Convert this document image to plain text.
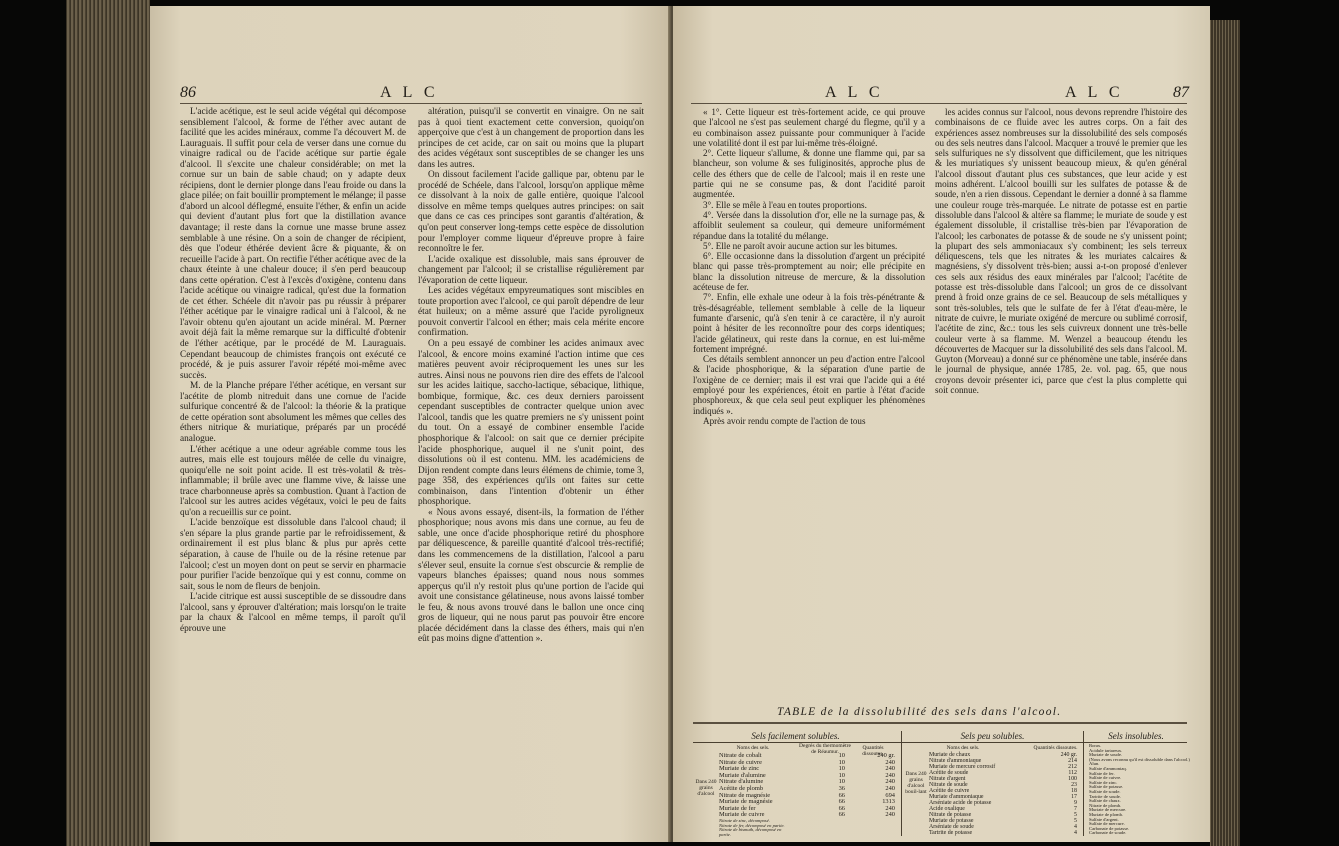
86	A L C

L'acide acétique, est le seul acide végétal qui décompose sensiblement l'alcool, & forme de l'éther avec autant de facilité que les acides minéraux, comme l'a découvert M. de Lauraguais. Il suffit pour cela de verser dans une cornue du vinaigre radical ou de l'acide acétique sur partie égale d'alcool. Il s'excite une chaleur considérable; on met la cornue sur un bain de sable chaud; on y adapte deux récipiens, dont le dernier plonge dans l'eau froide ou dans la glace pilée; on fait bouillir promptement le mélange; il passe d'abord un alcool déflegmé, ensuite l'éther, & enfin un acide qui devient d'autant plus fort que la distillation avance davantage; il reste dans la cornue une masse brune assez semblable à une résine. On a soin de changer de récipient, dès que l'odeur éthérée devient âcre & piquante, & on recueille l'acide à part. On rectifie l'éther acétique avec de la chaux éteinte à une chaleur douce; il s'en perd beaucoup dans cette opération. C'est à l'excès d'oxigène, contenu dans l'acide acétique ou vinaigre radical, qu'est due la formation de cet éther. Schéele dit n'avoir pas pu réussir à préparer l'éther acétique par le vinaigre radical uni à l'alcool, & ne l'avoir obtenu qu'en ajoutant un acide minéral. M. Pœrner avoit déjà fait la même remarque sur la difficulté d'obtenir de l'éther acétique, par le procédé de M. Lauraguais. Cependant beaucoup de chimistes françois ont exécuté ce procédé, & je puis assurer l'avoir répété moi-même avec succès.

M. de la Planche prépare l'éther acétique, en versant sur l'acétite de plomb nitreduit dans une cornue de l'acide sulfurique concentré & de l'alcool: la théorie & la pratique de cette opération sont absolument les mêmes que celles des éthers nitrique & muriatique, préparés par un procédé analogue.

L'éther acétique a une odeur agréable comme tous les autres, mais elle est toujours mêlée de celle du vinaigre, quoiqu'elle ne soit point acide. Il est très-volatil & très-inflammable; il brûle avec une flamme vive, & laisse une trace charbonneuse après sa combustion. Quant à l'action de l'alcool sur les autres acides végétaux, voici le peu de faits qu'on a recueillis sur ce point.

L'acide benzoïque est dissoluble dans l'alcool chaud; il s'en sépare la plus grande partie par le refroidissement, & ordinairement il est plus blanc & plus pur après cette séparation, à cause de l'huile ou de la résine retenue par l'alcool; c'est un moyen dont on peut se servir en pharmacie pour purifier l'acide benzoïque qui y est connu, comme on sait, sous le nom de fleurs de benjoin.

L'acide citrique est aussi susceptible de se dissoudre dans l'alcool, sans y éprouver d'altération; mais lorsqu'on le traite par la chaux & l'alcool en même temps, il paroît qu'il éprouve une

altération, puisqu'il se convertit en vinaigre. On ne sait pas à quoi tient exactement cette conversion, quoiqu'on apperçoive que c'est à un changement de proportion dans les principes de cet acide, car on sait ou moins que la plupart des acides végétaux sont susceptibles de se changer les uns dans les autres.

On dissout facilement l'acide gallique par, obtenu par le procédé de Schéele, dans l'alcool, lorsqu'on applique même ce dissolvant à la noix de galle entière, quoique l'alcool dissolve en même temps quelques autres principes: on sait que dans ce cas ces principes sont garantis d'altération, & qu'on peut conserver long-temps cette espèce de dissolution pour l'employer comme liqueur d'épreuve propre à faire reconnoître le fer.

L'acide oxalique est dissoluble, mais sans éprouver de changement par l'alcool; il se cristallise régulièrement par l'évaporation de cette liqueur.

Les acides végétaux empyreumatiques sont miscibles en toute proportion avec l'alcool, ce qui paroît dépendre de leur état huileux; on a même assuré que l'acide pyroligneux pouvoit convertir l'alcool en éther; mais cela mérite encore confirmation.

On a peu essayé de combiner les acides animaux avec l'alcool, & encore moins examiné l'action intime que ces matières peuvent avoir réciproquement les unes sur les autres. Ainsi nous ne pouvons rien dire des effets de l'alcool sur les acides laitique, saccho-lactique, sébacique, lithique, bombique, formique, &c. ces deux derniers paroissent cependant susceptibles de contracter quelque union avec l'alcool, tandis que les quatre premiers ne s'y unissent point du tout. On a essayé de combiner ensemble l'acide phosphorique & l'alcool: on sait que ce dernier précipite l'acide phosphorique, auquel il ne s'unit point, des dissolutions où il est contenu. MM. les académiciens de Dijon rendent compte dans leurs élémens de chimie, tome 3, page 358, des expériences qu'ils ont faites sur cette combinaison, dans l'intention d'obtenir un éther phosphorique.

« Nous avons essayé, disent-ils, la formation de l'éther phosphorique; nous avons mis dans une cornue, au feu de sable, une once d'acide phosphorique retiré du phosphore par déliquescence, & pareille quantité d'alcool très-rectifié; dans les commencemens de la distillation, l'alcool a paru s'élever seul, ensuite la cornue s'est obscurcie & remplie de vapeurs blanches épaisses; quand nous nous sommes apperçus qu'il n'y restoit plus qu'une portion de l'acide qui avoit une consistance gélatineuse, nous avons laissé tomber le feu, & nous avons trouvé dans le ballon une once cinq gros de liqueur, qui ne nous parut pas pouvoir être encore placée décidément dans la classe des éthers, mais qui n'en eût pas moins digne d'attention ».

A L C	A L C	87

« 1°. Cette liqueur est très-fortement acide, ce qui prouve que l'alcool ne s'est pas seulement chargé du flegme, qu'il y a eu combinaison assez puissante pour communiquer à l'acide une volatilité dont il est par lui-même très-éloigné.

2°. Cette liqueur s'allume, & donne une flamme qui, par sa blancheur, son volume & ses fuliginosités, approche plus de celle des éthers que de celle de l'alcool; mais il en reste une partie qui ne se consume pas, & dont l'acidité paroit augmentée.

3°. Elle se mêle à l'eau en toutes proportions.

4°. Versée dans la dissolution d'or, elle ne la surnage pas, & affoiblit seulement sa couleur, qui demeure uniformément répandue dans la totalité du mélange.

5°. Elle ne paroît avoir aucune action sur les bitumes.

6°. Elle occasionne dans la dissolution d'argent un précipité blanc qui passe très-promptement au noir; elle précipite en blanc la dissolution nitreuse de mercure, & la dissolution acéteuse de fer.

7°. Enfin, elle exhale une odeur à la fois très-pénétrante & très-désagréable, tellement semblable à celle de la liqueur fumante d'arsenic, qu'à s'en tenir à ce caractère, il n'y auroit point à hésiter de les reconnoître pour des corps identiques; l'acide gélatineux, qui reste dans la cornue, en est lui-même fortement imprégné.

Ces détails semblent annoncer un peu d'action entre l'alcool & l'acide phosphorique, & la séparation d'une partie de l'oxigène de ce dernier; mais il est vrai que l'acide qui a été employé pour les expériences, étoit en partie à l'état d'acide phosphoreux, & que cela seul peut expliquer les phénomènes indiqués ».

Après avoir rendu compte de l'action de tous

les acides connus sur l'alcool, nous devons reprendre l'histoire des combinaisons de ce fluide avec les autres corps. On a fait des expériences assez nombreuses sur la dissolubilité des sels composés ou des sels neutres dans l'alcool. Macquer a trouvé le premier que les sels sulfuriques ne s'y dissolvent que difficilement, que les nitriques & les muriatiques s'y unissent beaucoup mieux, & qu'en général l'alcool dissout d'autant plus ces substances, que leur acide y est moins adhérent. L'alcool bouilli sur les sulfates de potasse & de soude, n'en a rien dissous. Cependant le dernier a donné à sa flamme une couleur rouge très-marquée. Le nitrate de potasse est en partie dissoluble dans l'alcool & altère sa flamme; le muriate de soude y est également dissoluble, il cristallise très-bien par l'évaporation de l'alcool; les carbonates de potasse & de soude ne s'y unissent point; la plupart des sels ammoniacaux s'y combinent; les sels terreux déliquescens, tels que les nitrates & les muriates calcaires & magnésiens, s'y dissolvent très-bien; aussi a-t-on proposé d'enlever ces sels aux résidus des eaux minérales par l'alcool; l'acétite de potasse est très-dissoluble dans l'alcool; un gros de ce dissolvant prend à froid onze grains de ce sel. Beaucoup de sels métalliques y sont très-solubles, tels que le sulfate de fer à l'état d'eau-mère, le nitrate de cuivre, le muriate oxigéné de mercure ou sublimé corrosif, l'acétite de zinc, &c.: tous les sels cuivreux donnent une très-belle couleur verte à sa flamme. M. Wenzel a beaucoup étendu les découvertes de Macquer sur la dissolubilité des sels dans l'alcool. M. Guyton (Morveau) a donné sur ce phénomène une table, insérée dans le journal de physique, année 1785, 2e. vol. pag. 65, que nous croyons devoir présenter ici, parce que c'est la plus complette qui soit connue.

TABLE de la dissolubilité des sels dans l'alcool.
Sels facilement solubles.	Sels peu solubles.	Sels insolubles.
Noms des sels.	Degrés du thermomètre de Réaumur.
Quantités dissoutes.
Dans 240 grains d'alcool
Nitrate de cobalt	10	240 gr.
Nitrate de cuivre	10	240
Muriate de zinc	10	240
Muriate d'alumine	10	240
Nitrate d'alumine	10	240
Acétite de plomb	36	240
Nitrate de magnésie	66	694
Muriate de magnésie	66	1313
Muriate de fer	66	240
Muriate de cuivre	66	240
Nitrate de zinc, décomposé.
Nitrate de fer, décomposé en partie.
Nitrate de bismuth, décomposé en
partie.
Noms des sels.	Quantités dissoutes.
Dans 240 grains d'alcool bouil-lant
Muriate de chaux	240 gr.
Nitrate d'ammoniaque	214
Muriate de mercure corrosif	212
Acétite de soude	112
Nitrate d'argent	100
Nitrate de soude	23
Acétite de cuivre	18
Muriate d'ammoniaque	17
Arséniate acide de potasse	9
Acide oxalique	7
Nitrate de potasse	5
Muriate de potasse	5
Arséniate de soude	4
Tartrite de potasse	4
Borax.
Acidule tartareux.
Muriate de soude.
(Nous avons reconnu qu'il est dissoluble dans l'alcool.)
Alun.
Sulfate d'ammoniaq.
Sulfate de fer.
Sulfate de cuivre.
Sulfate de zinc.
Sulfate de potasse.
Sulfate de soude.
Tartrite de soude.
Sulfate de chaux.
Nitrate de plomb.
Muriate de mercure.
Muriate de plomb.
Sulfate d'argent.
Sulfate de mercure.
Carbonate de potasse.
Carbonate de soude.
